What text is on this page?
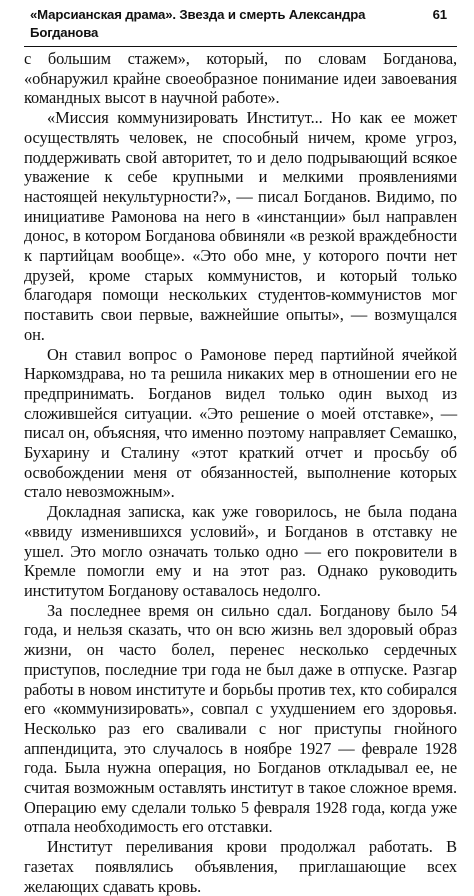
«Марсианская драма». Звезда и смерть Александра Богданова
61

с большим стажем», который, по словам Богданова, «обнаружил крайне своеобразное понимание идеи завоевания командных высот в научной работе».

«Миссия коммунизировать Институт... Но как ее может осуществлять человек, не способный ничем, кроме угроз, поддерживать свой авторитет, то и дело подрывающий всякое уважение к себе крупными и мелкими проявлениями настоящей некультурности?», — писал Богданов. Видимо, по инициативе Рамонова на него в «инстанции» был направлен донос, в котором Богданова обвиняли «в резкой враждебности к партийцам вообще». «Это обо мне, у которого почти нет друзей, кроме старых коммунистов, и который только благодаря помощи нескольких студентов-коммунистов мог поставить свои первые, важнейшие опыты», — возмущался он.

Он ставил вопрос о Рамонове перед партийной ячейкой Наркомздрава, но та решила никаких мер в отношении его не предпринимать. Богданов видел только один выход из сложившейся ситуации. «Это решение о моей отставке», — писал он, объясняя, что именно поэтому направляет Семашко, Бухарину и Сталину «этот краткий отчет и просьбу об освобождении меня от обязанностей, выполнение которых стало невозможным».

Докладная записка, как уже говорилось, не была подана «ввиду изменившихся условий», и Богданов в отставку не ушел. Это могло означать только одно — его покровители в Кремле помогли ему и на этот раз. Однако руководить институтом Богданову оставалось недолго.

За последнее время он сильно сдал. Богданову было 54 года, и нельзя сказать, что он всю жизнь вел здоровый образ жизни, он часто болел, перенес несколько сердечных приступов, последние три года не был даже в отпуске. Разгар работы в новом институте и борьбы против тех, кто собирался его «коммунизировать», совпал с ухудшением его здоровья. Несколько раз его сваливали с ног приступы гнойного аппендицита, это случалось в ноябре 1927 — феврале 1928 года. Была нужна операция, но Богданов откладывал ее, не считая возможным оставлять институт в такое сложное время. Операцию ему сделали только 5 февраля 1928 года, когда уже отпала необходимость его отставки.

Институт переливания крови продолжал работать. В газетах появлялись объявления, приглашающие всех желающих сдавать кровь.
